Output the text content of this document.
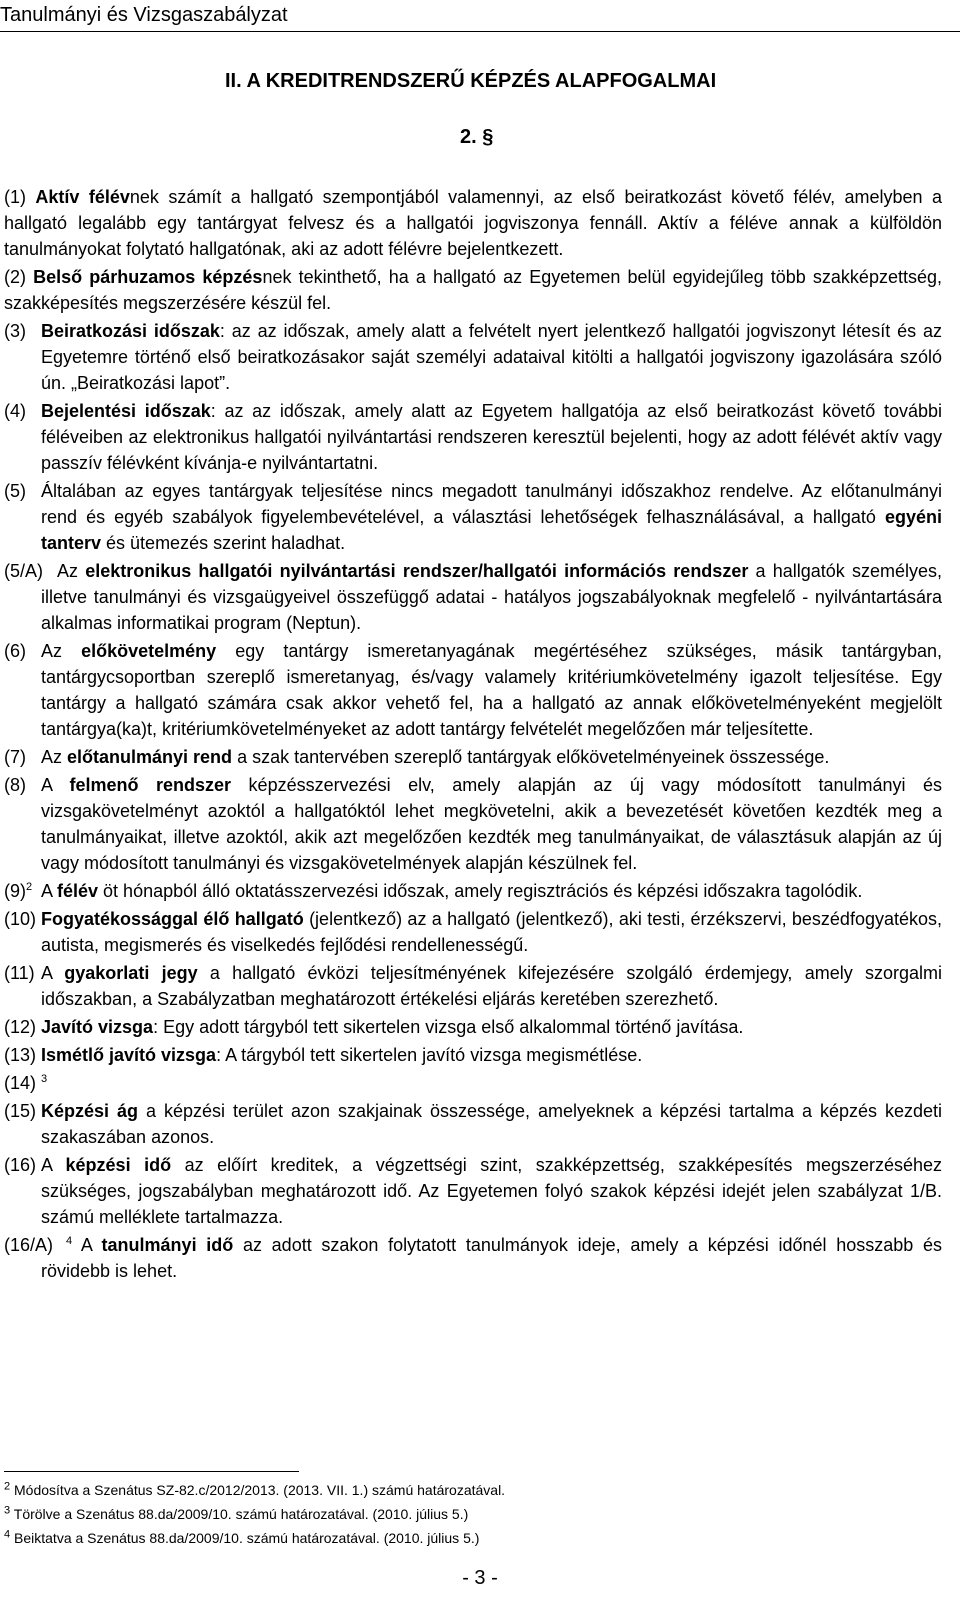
Tanulmányi és Vizsgaszabályzat
II. A KREDITRENDSZERŰ KÉPZÉS ALAPFOGALMAI
2. §

(1) Aktív félévnek számít a hallgató szempontjából valamennyi, az első beiratkozást követő félév, amelyben a hallgató legalább egy tantárgyat felvesz és a hallgatói jogviszonya fennáll. Aktív a féléve annak a külföldön tanulmányokat folytató hallgatónak, aki az adott félévre bejelentkezett.

(2) Belső párhuzamos képzésnek tekinthető, ha a hallgató az Egyetemen belül egyidejűleg több szakképzettség, szakképesítés megszerzésére készül fel.

(3) Beiratkozási időszak: az az időszak, amely alatt a felvételt nyert jelentkező hallgatói jogviszonyt létesít és az Egyetemre történő első beiratkozásakor saját személyi adataival kitölti a hallgatói jogviszony igazolására szóló ún. „Beiratkozási lapot”.

(4) Bejelentési időszak: az az időszak, amely alatt az Egyetem hallgatója az első beiratkozást követő további féléveiben az elektronikus hallgatói nyilvántartási rendszeren keresztül bejelenti, hogy az adott félévét aktív vagy passzív félévként kívánja-e nyilvántartatni.

(5) Általában az egyes tantárgyak teljesítése nincs megadott tanulmányi időszakhoz rendelve. Az előtanulmányi rend és egyéb szabályok figyelembevételével, a választási lehetőségek felhasználásával, a hallgató egyéni tanterv és ütemezés szerint haladhat.

(5/A) Az elektronikus hallgatói nyilvántartási rendszer/hallgatói információs rendszer a hallgatók személyes, illetve tanulmányi és vizsgaügyeivel összefüggő adatai - hatályos jogszabályoknak megfelelő - nyilvántartására alkalmas informatikai program (Neptun).

(6) Az előkövetelmény egy tantárgy ismeretanyagának megértéséhez szükséges, másik tantárgyban, tantárgycsoportban szereplő ismeretanyag, és/vagy valamely kritériumkövetelmény igazolt teljesítése. Egy tantárgy a hallgató számára csak akkor vehető fel, ha a hallgató az annak előkövetelményeként megjelölt tantárgya(ka)t, kritériumkövetelményeket az adott tantárgy felvételét megelőzően már teljesítette.

(7) Az előtanulmányi rend a szak tantervében szereplő tantárgyak előkövetelményeinek összessége.

(8) A felmenő rendszer képzésszervezési elv, amely alapján az új vagy módosított tanulmányi és vizsgakövetelményt azoktól a hallgatóktól lehet megkövetelni, akik a bevezetését követően kezdték meg a tanulmányaikat, illetve azoktól, akik azt megelőzően kezdték meg tanulmányaikat, de választásuk alapján az új vagy módosított tanulmányi és vizsgakövetelmények alapján készülnek fel.

$(9)^2$ A félév öt hónapból álló oktatásszervezési időszak, amely regisztrációs és képzési időszakra tagolódik.

(10) Fogyatékossággal élő hallgató (jelentkező) az a hallgató (jelentkező), aki testi, érzékszervi, beszédfogyatékos, autista, megismerés és viselkedés fejlődési rendellenességű.

(11) A gyakorlati jegy a hallgató évközi teljesítményének kifejezésére szolgáló érdemjegy, amely szorgalmi időszakban, a Szabályzatban meghatározott értékelési eljárás keretében szerezhető.

(12) Javító vizsga: Egy adott tárgyból tett sikertelen vizsga első alkalommal történő javítása.

(13) Ismétlő javító vizsga: A tárgyból tett sikertelen javító vizsga megismétlése.

(14) $^3$

(15) Képzési ág a képzési terület azon szakjainak összessége, amelyeknek a képzési tartalma a képzés kezdeti szakaszában azonos.

(16) A képzési idő az előírt kreditek, a végzettségi szint, szakképzettség, szakképesítés megszerzéséhez szükséges, jogszabályban meghatározott idő. Az Egyetemen folyó szakok képzési idejét jelen szabályzat 1/B. számú melléklete tartalmazza.

(16/A) $^4$ A tanulmányi idő az adott szakon folytatott tanulmányok ideje, amely a képzési időnél hosszabb és rövidebb is lehet.

$^2$ Módosítva a Szenátus SZ-82.c/2012/2013. (2013. VII. 1.) számú határozatával.
$^3$ Törölve a Szenátus 88.da/2009/10. számú határozatával. (2010. július 5.)
$^4$ Beiktatva a Szenátus 88.da/2009/10. számú határozatával. (2010. július 5.)
- 3 -
